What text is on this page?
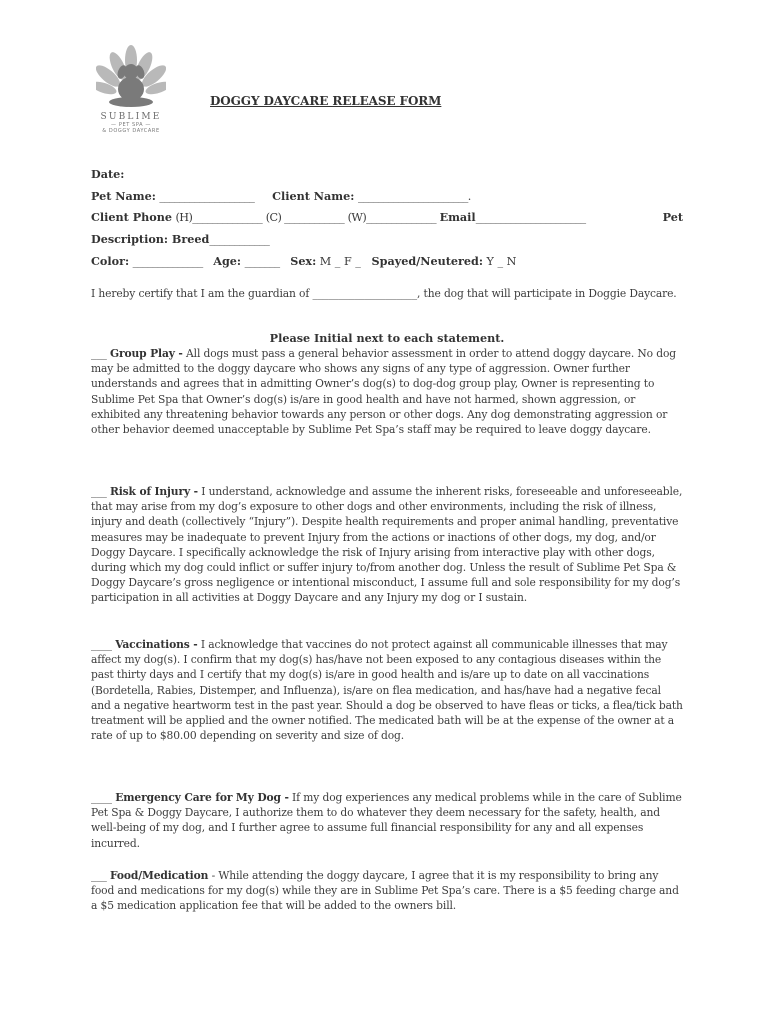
SUBLIME
— PET SPA —
& DOGGY DAYCARE
DOGGY DAYCARE RELEASE FORM
Date:
Pet Name: ___________________ Client Name: ______________________.
Client Phone (H)______________ (C) ____________ (W)______________ Email______________________	Pet
Description: Breed____________
Color: ______________ Age: _______ Sex: M _ F _ Spayed/Neutered: Y _ N
I hereby certify that I am the guardian of ____________________, the dog that will participate in Doggie Daycare.
Please Initial next to each statement.
___ Group Play - All dogs must pass a general behavior assessment in order to attend doggy daycare. No dog may be admitted to the doggy daycare who shows any signs of any type of aggression. Owner further understands and agrees that in admitting Owner’s dog(s) to dog-dog group play, Owner is representing to Sublime Pet Spa that Owner’s dog(s) is/are in good health and have not harmed, shown aggression, or exhibited any threatening behavior towards any person or other dogs. Any dog demonstrating aggression or other behavior deemed unacceptable by Sublime Pet Spa’s staff may be required to leave doggy daycare.
___ Risk of Injury - I understand, acknowledge and assume the inherent risks, foreseeable and unforeseeable, that may arise from my dog’s exposure to other dogs and other environments, including the risk of illness, injury and death (collectively “Injury”). Despite health requirements and proper animal handling, preventative measures may be inadequate to prevent Injury from the actions or inactions of other dogs, my dog, and/or Doggy Daycare. I specifically acknowledge the risk of Injury arising from interactive play with other dogs, during which my dog could inflict or suffer injury to/from another dog. Unless the result of Sublime Pet Spa & Doggy Daycare’s gross negligence or intentional misconduct, I assume full and sole responsibility for my dog’s participation in all activities at Doggy Daycare and any Injury my dog or I sustain.
____ Vaccinations - I acknowledge that vaccines do not protect against all communicable illnesses that may affect my dog(s). I confirm that my dog(s) has/have not been exposed to any contagious diseases within the past thirty days and I certify that my dog(s) is/are in good health and is/are up to date on all vaccinations (Bordetella, Rabies, Distemper, and Influenza), is/are on flea medication, and has/have had a negative fecal and a negative heartworm test in the past year. Should a dog be observed to have fleas or ticks, a flea/tick bath treatment will be applied and the owner notified. The medicated bath will be at the expense of the owner at a rate of up to $80.00 depending on severity and size of dog.
____ Emergency Care for My Dog - If my dog experiences any medical problems while in the care of Sublime Pet Spa & Doggy Daycare, I authorize them to do whatever they deem necessary for the safety, health, and well-being of my dog, and I further agree to assume full financial responsibility for any and all expenses incurred.
___ Food/Medication - While attending the doggy daycare, I agree that it is my responsibility to bring any food and medications for my dog(s) while they are in Sublime Pet Spa’s care. There is a $5 feeding charge and a $5 medication application fee that will be added to the owners bill.
